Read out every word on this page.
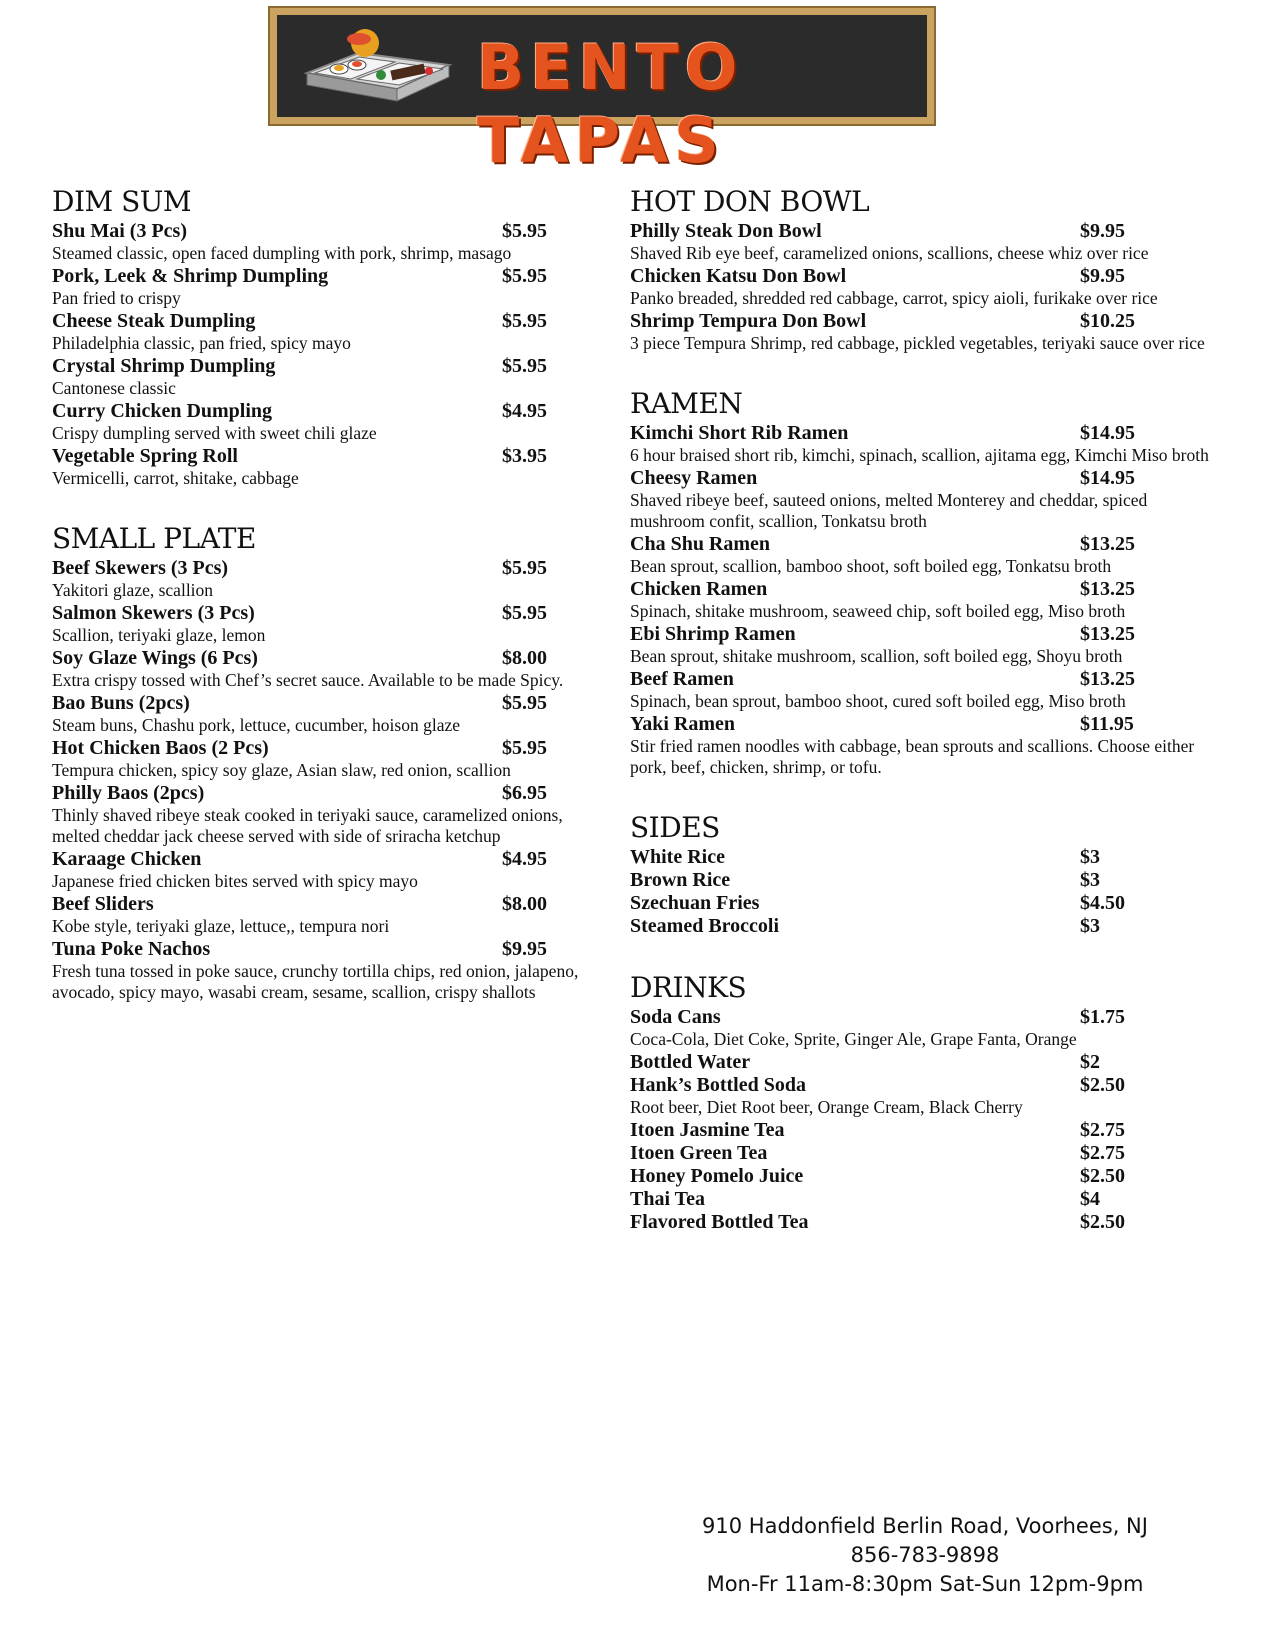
BENTO TAPAS
DIM SUM
Shu Mai (3 Pcs)	$5.95
Steamed classic, open faced dumpling with pork, shrimp, masago
Pork, Leek & Shrimp Dumpling	$5.95
Pan fried to crispy
Cheese Steak Dumpling	$5.95
Philadelphia classic, pan fried, spicy mayo
Crystal Shrimp Dumpling	$5.95
Cantonese classic
Curry Chicken Dumpling	$4.95
Crispy dumpling served with sweet chili glaze
Vegetable Spring Roll	$3.95
Vermicelli, carrot, shitake, cabbage
SMALL PLATE
Beef Skewers (3 Pcs)	$5.95
Yakitori glaze, scallion
Salmon Skewers (3 Pcs)	$5.95
Scallion, teriyaki glaze, lemon
Soy Glaze Wings (6 Pcs)	$8.00
Extra crispy tossed with Chef’s secret sauce. Available to be made Spicy.
Bao Buns (2pcs)	$5.95
Steam buns, Chashu pork, lettuce, cucumber, hoison glaze
Hot Chicken Baos (2 Pcs)	$5.95
Tempura chicken, spicy soy glaze, Asian slaw, red onion, scallion
Philly Baos (2pcs)	$6.95
Thinly shaved ribeye steak cooked in teriyaki sauce, caramelized onions, melted cheddar jack cheese served with side of sriracha ketchup
Karaage Chicken	$4.95
Japanese fried chicken bites served with spicy mayo
Beef Sliders	$8.00
Kobe style, teriyaki glaze, lettuce,, tempura nori
Tuna Poke Nachos	$9.95
Fresh tuna tossed in poke sauce, crunchy tortilla chips, red onion, jalapeno, avocado, spicy mayo, wasabi cream, sesame, scallion, crispy shallots
HOT DON BOWL
Philly Steak Don Bowl	$9.95
Shaved Rib eye beef, caramelized onions, scallions, cheese whiz over rice
Chicken Katsu Don Bowl	$9.95
Panko breaded, shredded red cabbage, carrot, spicy aioli, furikake over rice
Shrimp Tempura Don Bowl	$10.25
3 piece Tempura Shrimp, red cabbage, pickled vegetables, teriyaki sauce over rice
RAMEN
Kimchi Short Rib Ramen	$14.95
6 hour braised short rib, kimchi, spinach, scallion, ajitama egg, Kimchi Miso broth
Cheesy Ramen	$14.95
Shaved ribeye beef, sauteed onions, melted Monterey and cheddar, spiced mushroom confit, scallion, Tonkatsu broth
Cha Shu Ramen	$13.25
Bean sprout, scallion, bamboo shoot, soft boiled egg, Tonkatsu broth
Chicken Ramen	$13.25
Spinach, shitake mushroom, seaweed chip, soft boiled egg, Miso broth
Ebi Shrimp Ramen	$13.25
Bean sprout, shitake mushroom, scallion, soft boiled egg, Shoyu broth
Beef Ramen	$13.25
Spinach, bean sprout, bamboo shoot, cured soft boiled egg, Miso broth
Yaki Ramen	$11.95
Stir fried ramen noodles with cabbage, bean sprouts and scallions. Choose either pork, beef, chicken, shrimp, or tofu.
SIDES
White Rice	$3
Brown Rice	$3
Szechuan Fries	$4.50
Steamed Broccoli	$3
DRINKS
Soda Cans	$1.75
Coca-Cola, Diet Coke, Sprite, Ginger Ale, Grape Fanta, Orange
Bottled Water	$2
Hank’s Bottled Soda	$2.50
Root beer, Diet Root beer, Orange Cream, Black Cherry
Itoen Jasmine Tea	$2.75
Itoen Green Tea	$2.75
Honey Pomelo Juice	$2.50
Thai Tea	$4
Flavored Bottled Tea	$2.50
910 Haddonfield Berlin Road, Voorhees, NJ
856-783-9898
Mon-Fr 11am-8:30pm Sat-Sun 12pm-9pm
